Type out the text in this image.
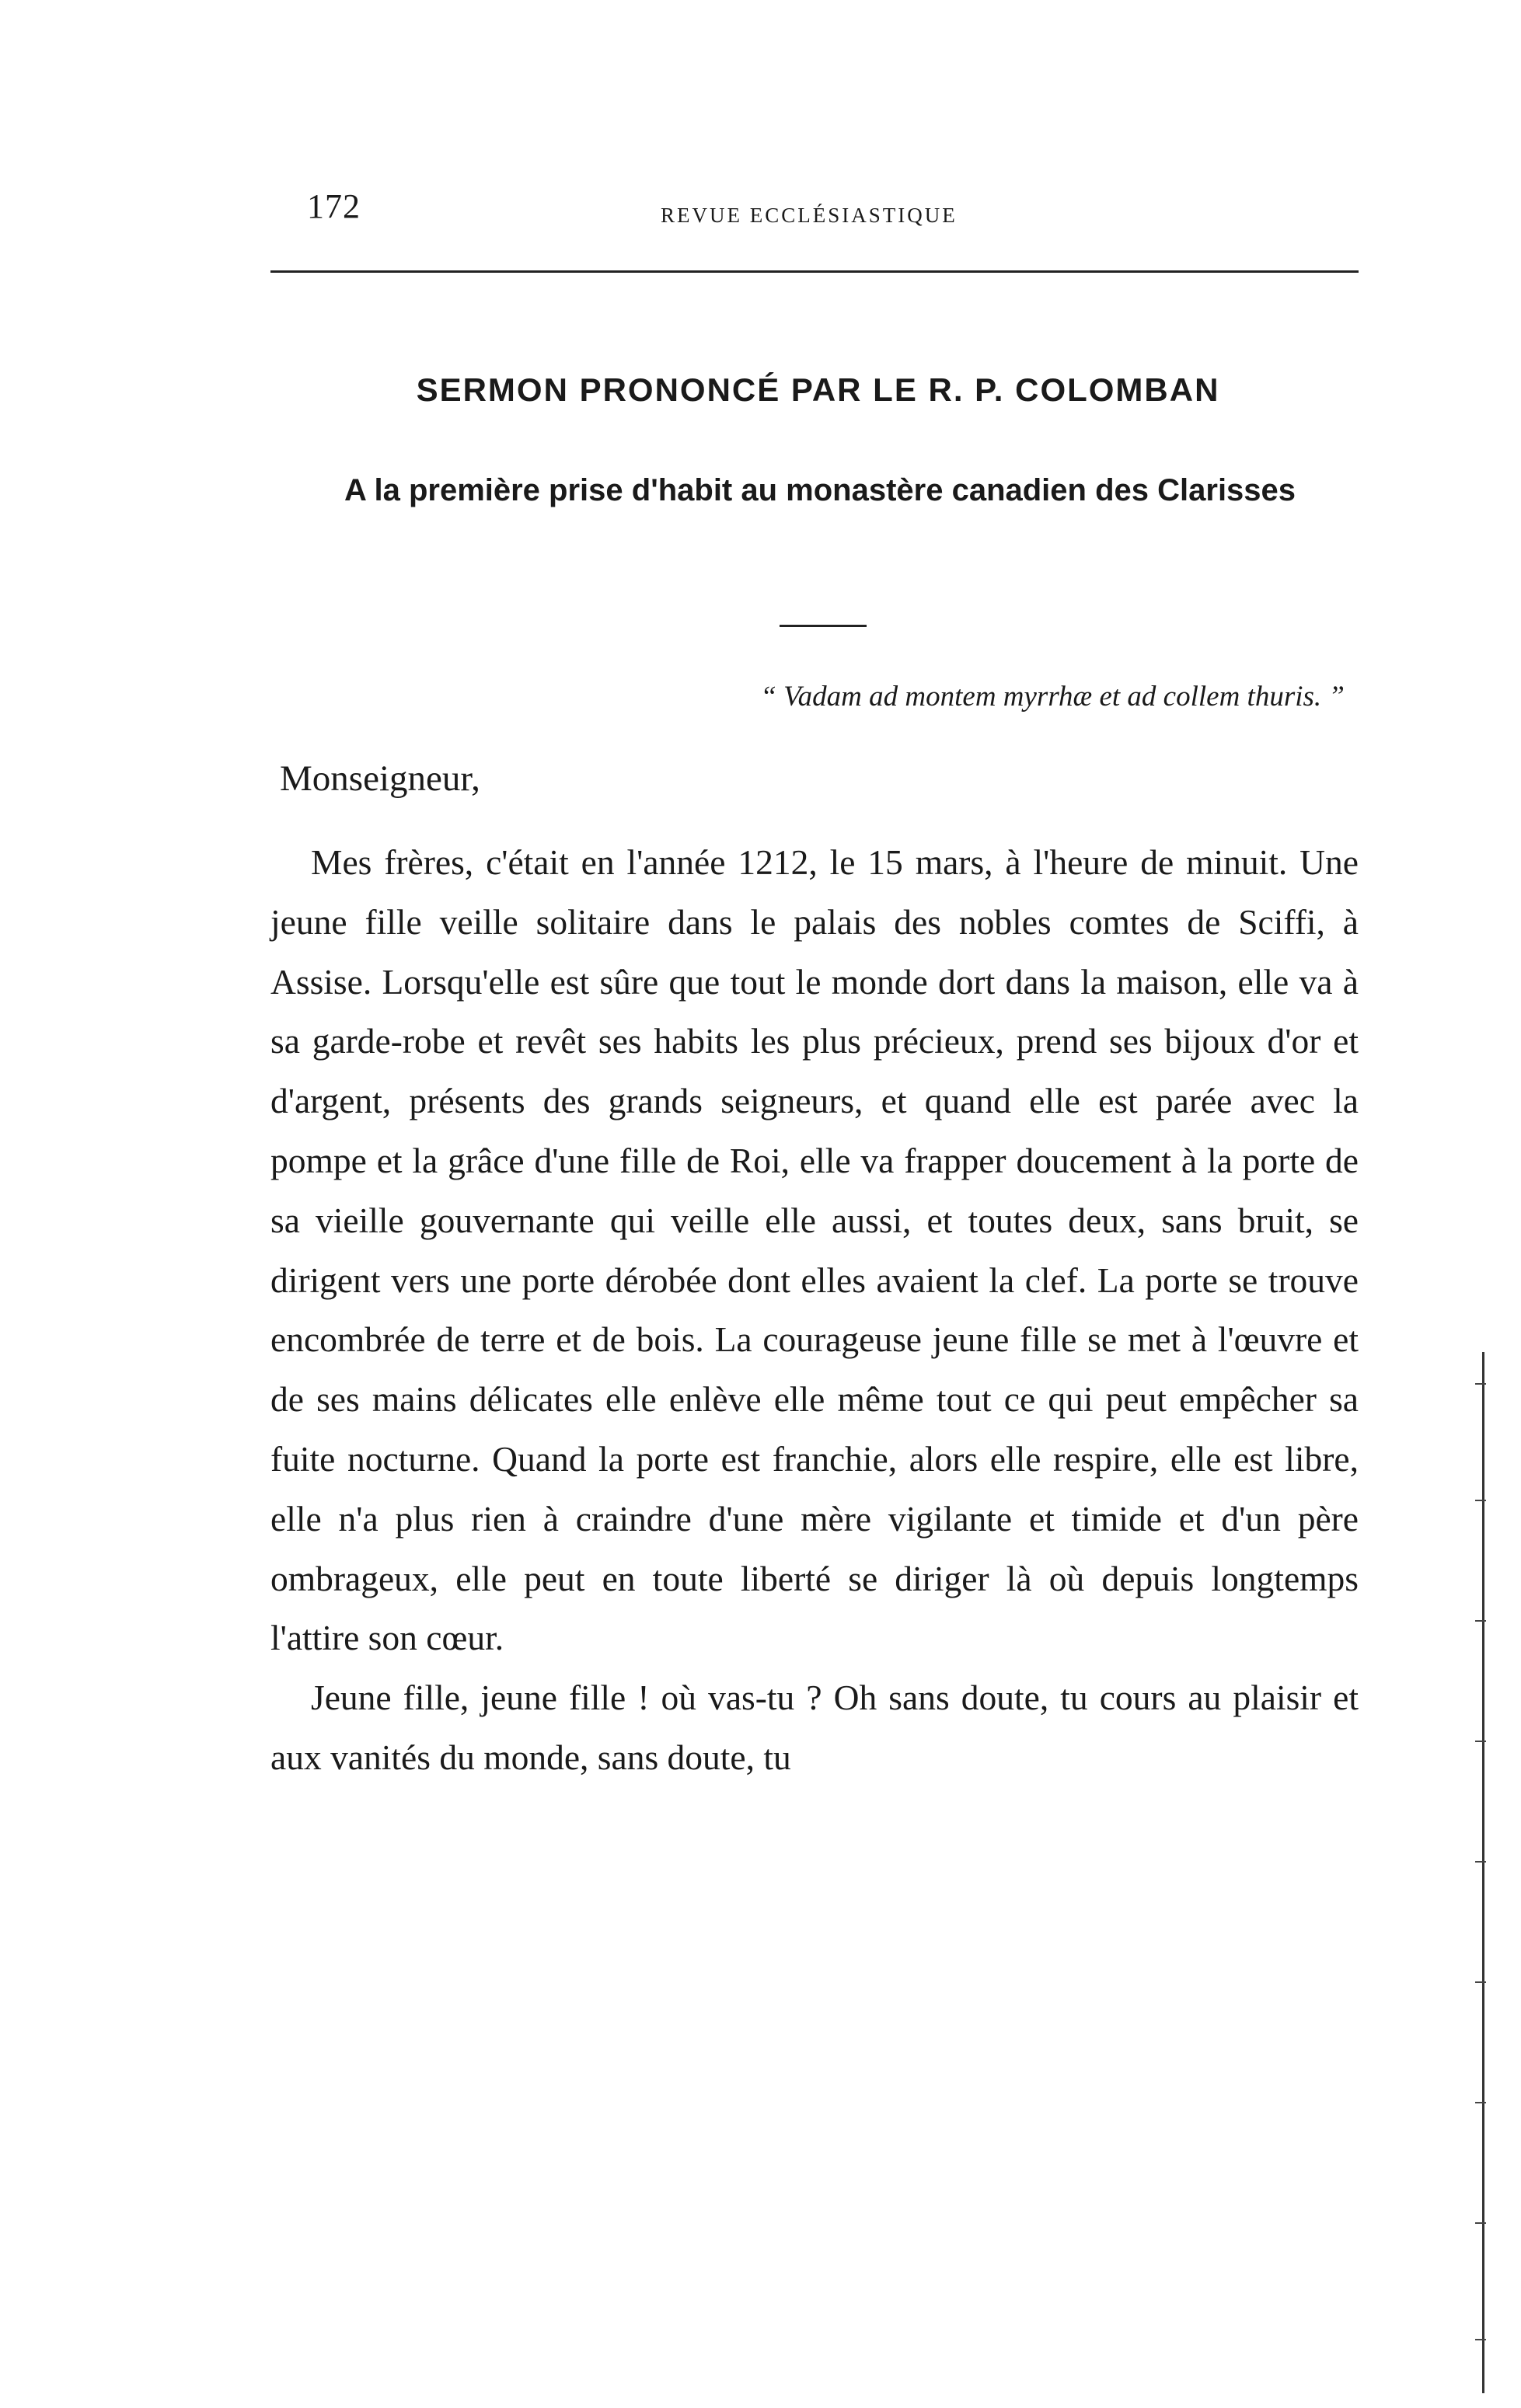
172	REVUE ECCLÉSIASTIQUE
SERMON PRONONCÉ PAR LE R. P. COLOMBAN
A la première prise d'habit au monastère canadien des Clarisses
“ Vadam ad montem myrrhæ et ad collem thuris. ”
Monseigneur,

Mes frères, c'était en l'année 1212, le 15 mars, à l'heure de minuit. Une jeune fille veille solitaire dans le palais des nobles comtes de Sciffi, à Assise. Lorsqu'elle est sûre que tout le monde dort dans la maison, elle va à sa garde-robe et revêt ses habits les plus précieux, prend ses bijoux d'or et d'argent, présents des grands seigneurs, et quand elle est parée avec la pompe et la grâce d'une fille de Roi, elle va frapper doucement à la porte de sa vieille gouvernante qui veille elle aussi, et toutes deux, sans bruit, se dirigent vers une porte dérobée dont elles avaient la clef. La porte se trouve encombrée de terre et de bois. La courageuse jeune fille se met à l'œuvre et de ses mains délicates elle enlève elle même tout ce qui peut empêcher sa fuite nocturne. Quand la porte est franchie, alors elle respire, elle est libre, elle n'a plus rien à craindre d'une mère vigilante et timide et d'un père ombrageux, elle peut en toute liberté se diriger là où depuis longtemps l'attire son cœur.

Jeune fille, jeune fille ! où vas-tu ? Oh sans doute, tu cours au plaisir et aux vanités du monde, sans doute, tu
